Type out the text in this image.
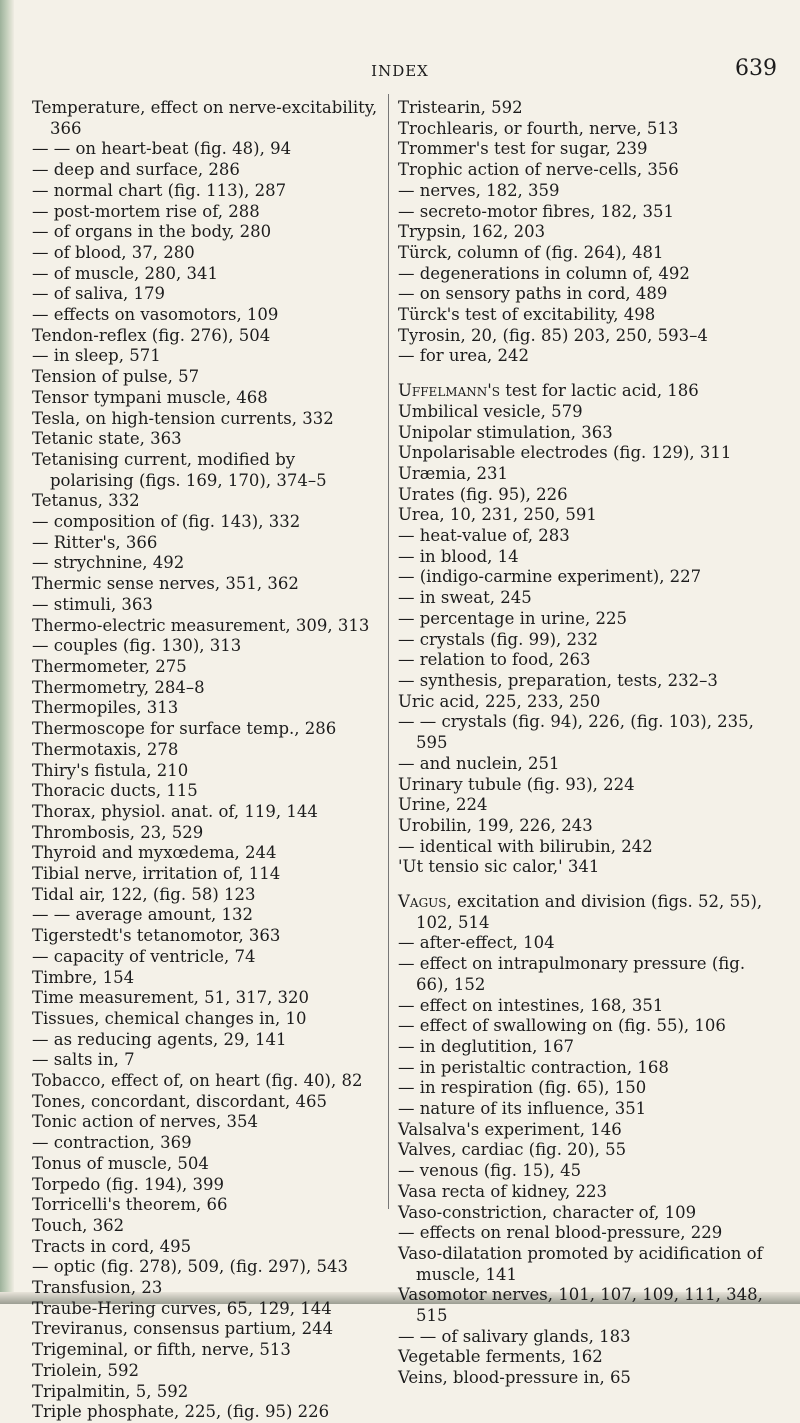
INDEX	639
Temperature, effect on nerve-excitability, 366
— — on heart-beat (fig. 48), 94
— deep and surface, 286
— normal chart (fig. 113), 287
— post-mortem rise of, 288
— of organs in the body, 280
— of blood, 37, 280
— of muscle, 280, 341
— of saliva, 179
— effects on vasomotors, 109
Tendon-reflex (fig. 276), 504
— in sleep, 571
Tension of pulse, 57
Tensor tympani muscle, 468
Tesla, on high-tension currents, 332
Tetanic state, 363
Tetanising current, modified by polarising (figs. 169, 170), 374–5
Tetanus, 332
— composition of (fig. 143), 332
— Ritter's, 366
— strychnine, 492
Thermic sense nerves, 351, 362
— stimuli, 363
Thermo-electric measurement, 309, 313
— couples (fig. 130), 313
Thermometer, 275
Thermometry, 284–8
Thermopiles, 313
Thermoscope for surface temp., 286
Thermotaxis, 278
Thiry's fistula, 210
Thoracic ducts, 115
Thorax, physiol. anat. of, 119, 144
Thrombosis, 23, 529
Thyroid and myxœdema, 244
Tibial nerve, irritation of, 114
Tidal air, 122, (fig. 58) 123
— — average amount, 132
Tigerstedt's tetanomotor, 363
— capacity of ventricle, 74
Timbre, 154
Time measurement, 51, 317, 320
Tissues, chemical changes in, 10
— as reducing agents, 29, 141
— salts in, 7
Tobacco, effect of, on heart (fig. 40), 82
Tones, concordant, discordant, 465
Tonic action of nerves, 354
— contraction, 369
Tonus of muscle, 504
Torpedo (fig. 194), 399
Torricelli's theorem, 66
Touch, 362
Tracts in cord, 495
— optic (fig. 278), 509, (fig. 297), 543
Transfusion, 23
Traube-Hering curves, 65, 129, 144
Treviranus, consensus partium, 244
Trigeminal, or fifth, nerve, 513
Triolein, 592
Tripalmitin, 5, 592
Triple phosphate, 225, (fig. 95) 226
Tristearin, 592
Trochlearis, or fourth, nerve, 513
Trommer's test for sugar, 239
Trophic action of nerve-cells, 356
— nerves, 182, 359
— secreto-motor fibres, 182, 351
Trypsin, 162, 203
Türck, column of (fig. 264), 481
— degenerations in column of, 492
— on sensory paths in cord, 489
Türck's test of excitability, 498
Tyrosin, 20, (fig. 85) 203, 250, 593–4
— for urea, 242
Uffelmann's test for lactic acid, 186
Umbilical vesicle, 579
Unipolar stimulation, 363
Unpolarisable electrodes (fig. 129), 311
Uræmia, 231
Urates (fig. 95), 226
Urea, 10, 231, 250, 591
— heat-value of, 283
— in blood, 14
— (indigo-carmine experiment), 227
— in sweat, 245
— percentage in urine, 225
— crystals (fig. 99), 232
— relation to food, 263
— synthesis, preparation, tests, 232–3
Uric acid, 225, 233, 250
— — crystals (fig. 94), 226, (fig. 103), 235, 595
— and nuclein, 251
Urinary tubule (fig. 93), 224
Urine, 224
Urobilin, 199, 226, 243
— identical with bilirubin, 242
'Ut tensio sic calor,' 341
Vagus, excitation and division (figs. 52, 55), 102, 514
— after-effect, 104
— effect on intrapulmonary pressure (fig. 66), 152
— effect on intestines, 168, 351
— effect of swallowing on (fig. 55), 106
— in deglutition, 167
— in peristaltic contraction, 168
— in respiration (fig. 65), 150
— nature of its influence, 351
Valsalva's experiment, 146
Valves, cardiac (fig. 20), 55
— venous (fig. 15), 45
Vasa recta of kidney, 223
Vaso-constriction, character of, 109
— effects on renal blood-pressure, 229
Vaso-dilatation promoted by acidification of muscle, 141
Vasomotor nerves, 101, 107, 109, 111, 348, 515
— — of salivary glands, 183
Vegetable ferments, 162
Veins, blood-pressure in, 65
